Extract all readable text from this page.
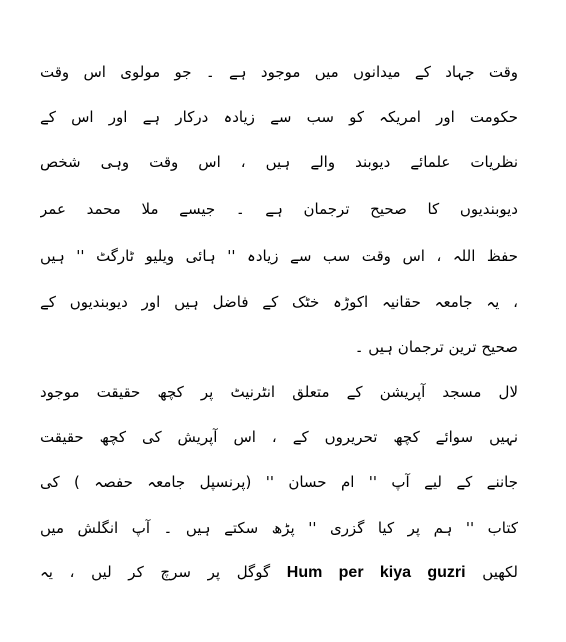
وقت جہاد کے میدانوں میں موجود ہے ۔ جو مولوی اس وقت
حکومت اور امریکہ کو سب سے زیادہ درکار ہے اور اس کے
نظریات علمائے دیوبند والے ہیں ، اس وقت وہی شخص
دیوبندیوں کا صحیح ترجمان ہے ۔ جیسے ملا محمد عمر
حفظ اللہ ، اس وقت سب سے زیادہ '' ہائی ویلیو ٹارگٹ '' ہیں
، یہ جامعہ حقانیہ اکوڑہ خٹک کے فاضل ہیں اور دیوبندیوں کے
صحیح ترین ترجمان ہیں ۔
لال مسجد آپریشن کے متعلق انٹرنیٹ پر کچھ حقیقت موجود
نہیں سوائے کچھ تحریروں کے ، اس آپریش کی کچھ حقیقت
جاننے کے لیے آپ '' ام حسان '' (پرنسپل جامعہ حفصہ ) کی
کتاب '' ہم پر کیا گزری '' پڑھ سکتے ہیں ۔ آپ انگلش میں
لکھیں Hum per kiya guzri گوگل پر سرچ کر لیں ، یہ
